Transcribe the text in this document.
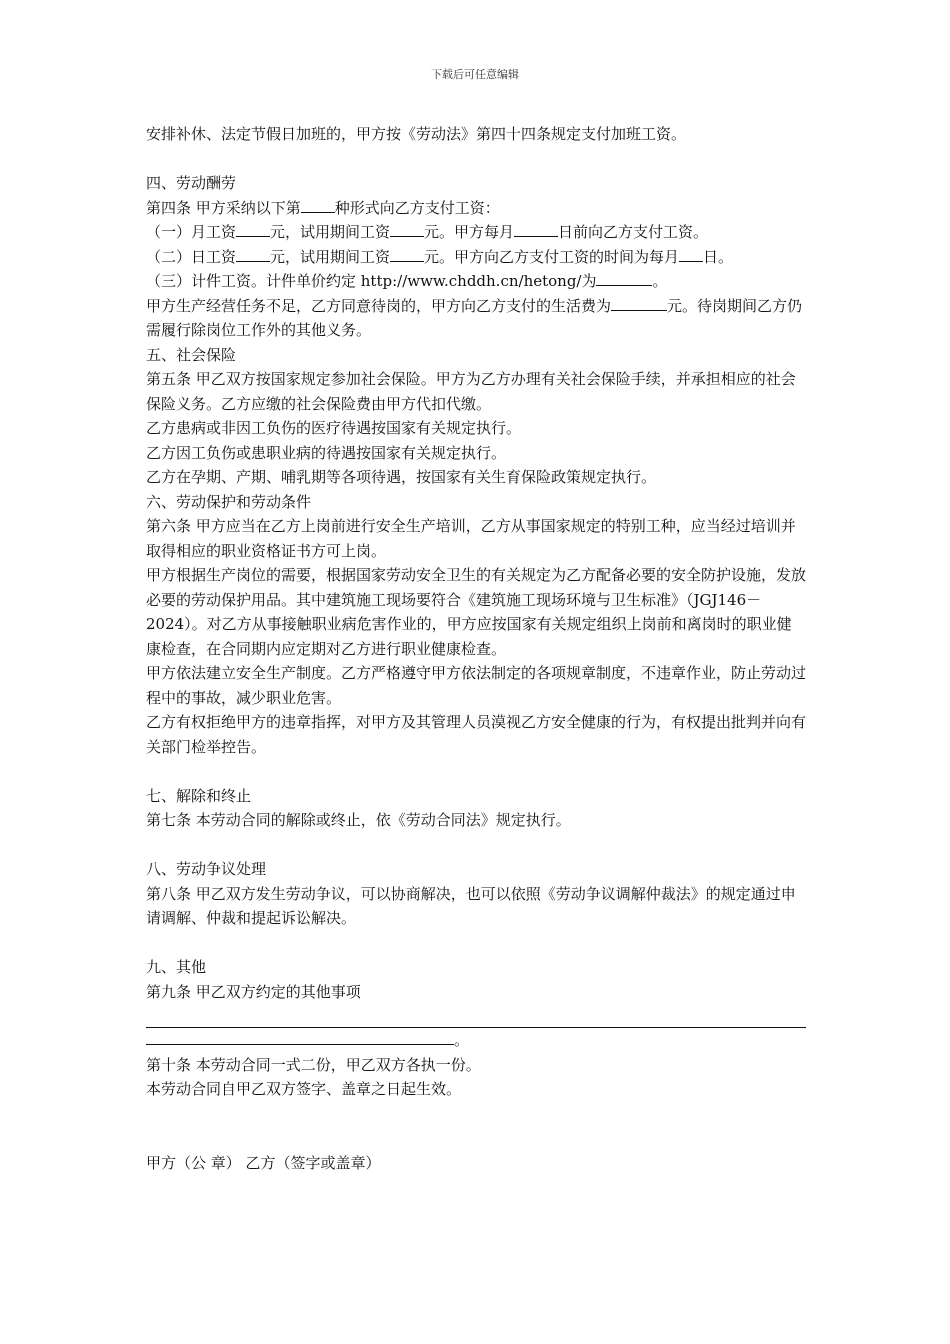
下载后可任意编辑

安排补休、法定节假日加班的，甲方按《劳动法》第四十四条规定支付加班工资。

四、劳动酬劳

第四条 甲方采纳以下第 种形式向乙方支付工资：

（一）月工资 元，试用期间工资 元。甲方每月	日前向乙方支付工资。

（二）日工资 元，试用期间工资 元。甲方向乙方支付工资的时间为每月 日。

（三）计件工资。计件单价约定 http://www.chddh.cn/hetong/为	。

甲方生产经营任务不足，乙方同意待岗的，甲方向乙方支付的生活费为	元。待岗期间乙方仍需履行除岗位工作外的其他义务。

五、社会保险

第五条 甲乙双方按国家规定参加社会保险。甲方为乙方办理有关社会保险手续，并承担相应的社会保险义务。乙方应缴的社会保险费由甲方代扣代缴。

乙方患病或非因工负伤的医疗待遇按国家有关规定执行。

乙方因工负伤或患职业病的待遇按国家有关规定执行。

乙方在孕期、产期、哺乳期等各项待遇，按国家有关生育保险政策规定执行。

六、劳动保护和劳动条件

第六条 甲方应当在乙方上岗前进行安全生产培训，乙方从事国家规定的特别工种，应当经过培训并取得相应的职业资格证书方可上岗。

甲方根据生产岗位的需要，根据国家劳动安全卫生的有关规定为乙方配备必要的安全防护设施，发放必要的劳动保护用品。其中建筑施工现场要符合《建筑施工现场环境与卫生标准》（JGJ146－2024）。对乙方从事接触职业病危害作业的，甲方应按国家有关规定组织上岗前和离岗时的职业健康检查，在合同期内应定期对乙方进行职业健康检查。

甲方依法建立安全生产制度。乙方严格遵守甲方依法制定的各项规章制度，不违章作业，防止劳动过程中的事故，减少职业危害。

乙方有权拒绝甲方的违章指挥，对甲方及其管理人员漠视乙方安全健康的行为，有权提出批判并向有关部门检举控告。

七、解除和终止

第七条 本劳动合同的解除或终止，依《劳动合同法》规定执行。

八、劳动争议处理

第八条 甲乙双方发生劳动争议，可以协商解决，也可以依照《劳动争议调解仲裁法》的规定通过申请调解、仲裁和提起诉讼解决。

九、其他

第九条 甲乙双方约定的其他事项

。

第十条 本劳动合同一式二份，甲乙双方各执一份。

本劳动合同自甲乙双方签字、盖章之日起生效。

甲方（公 章） 乙方（签字或盖章）
